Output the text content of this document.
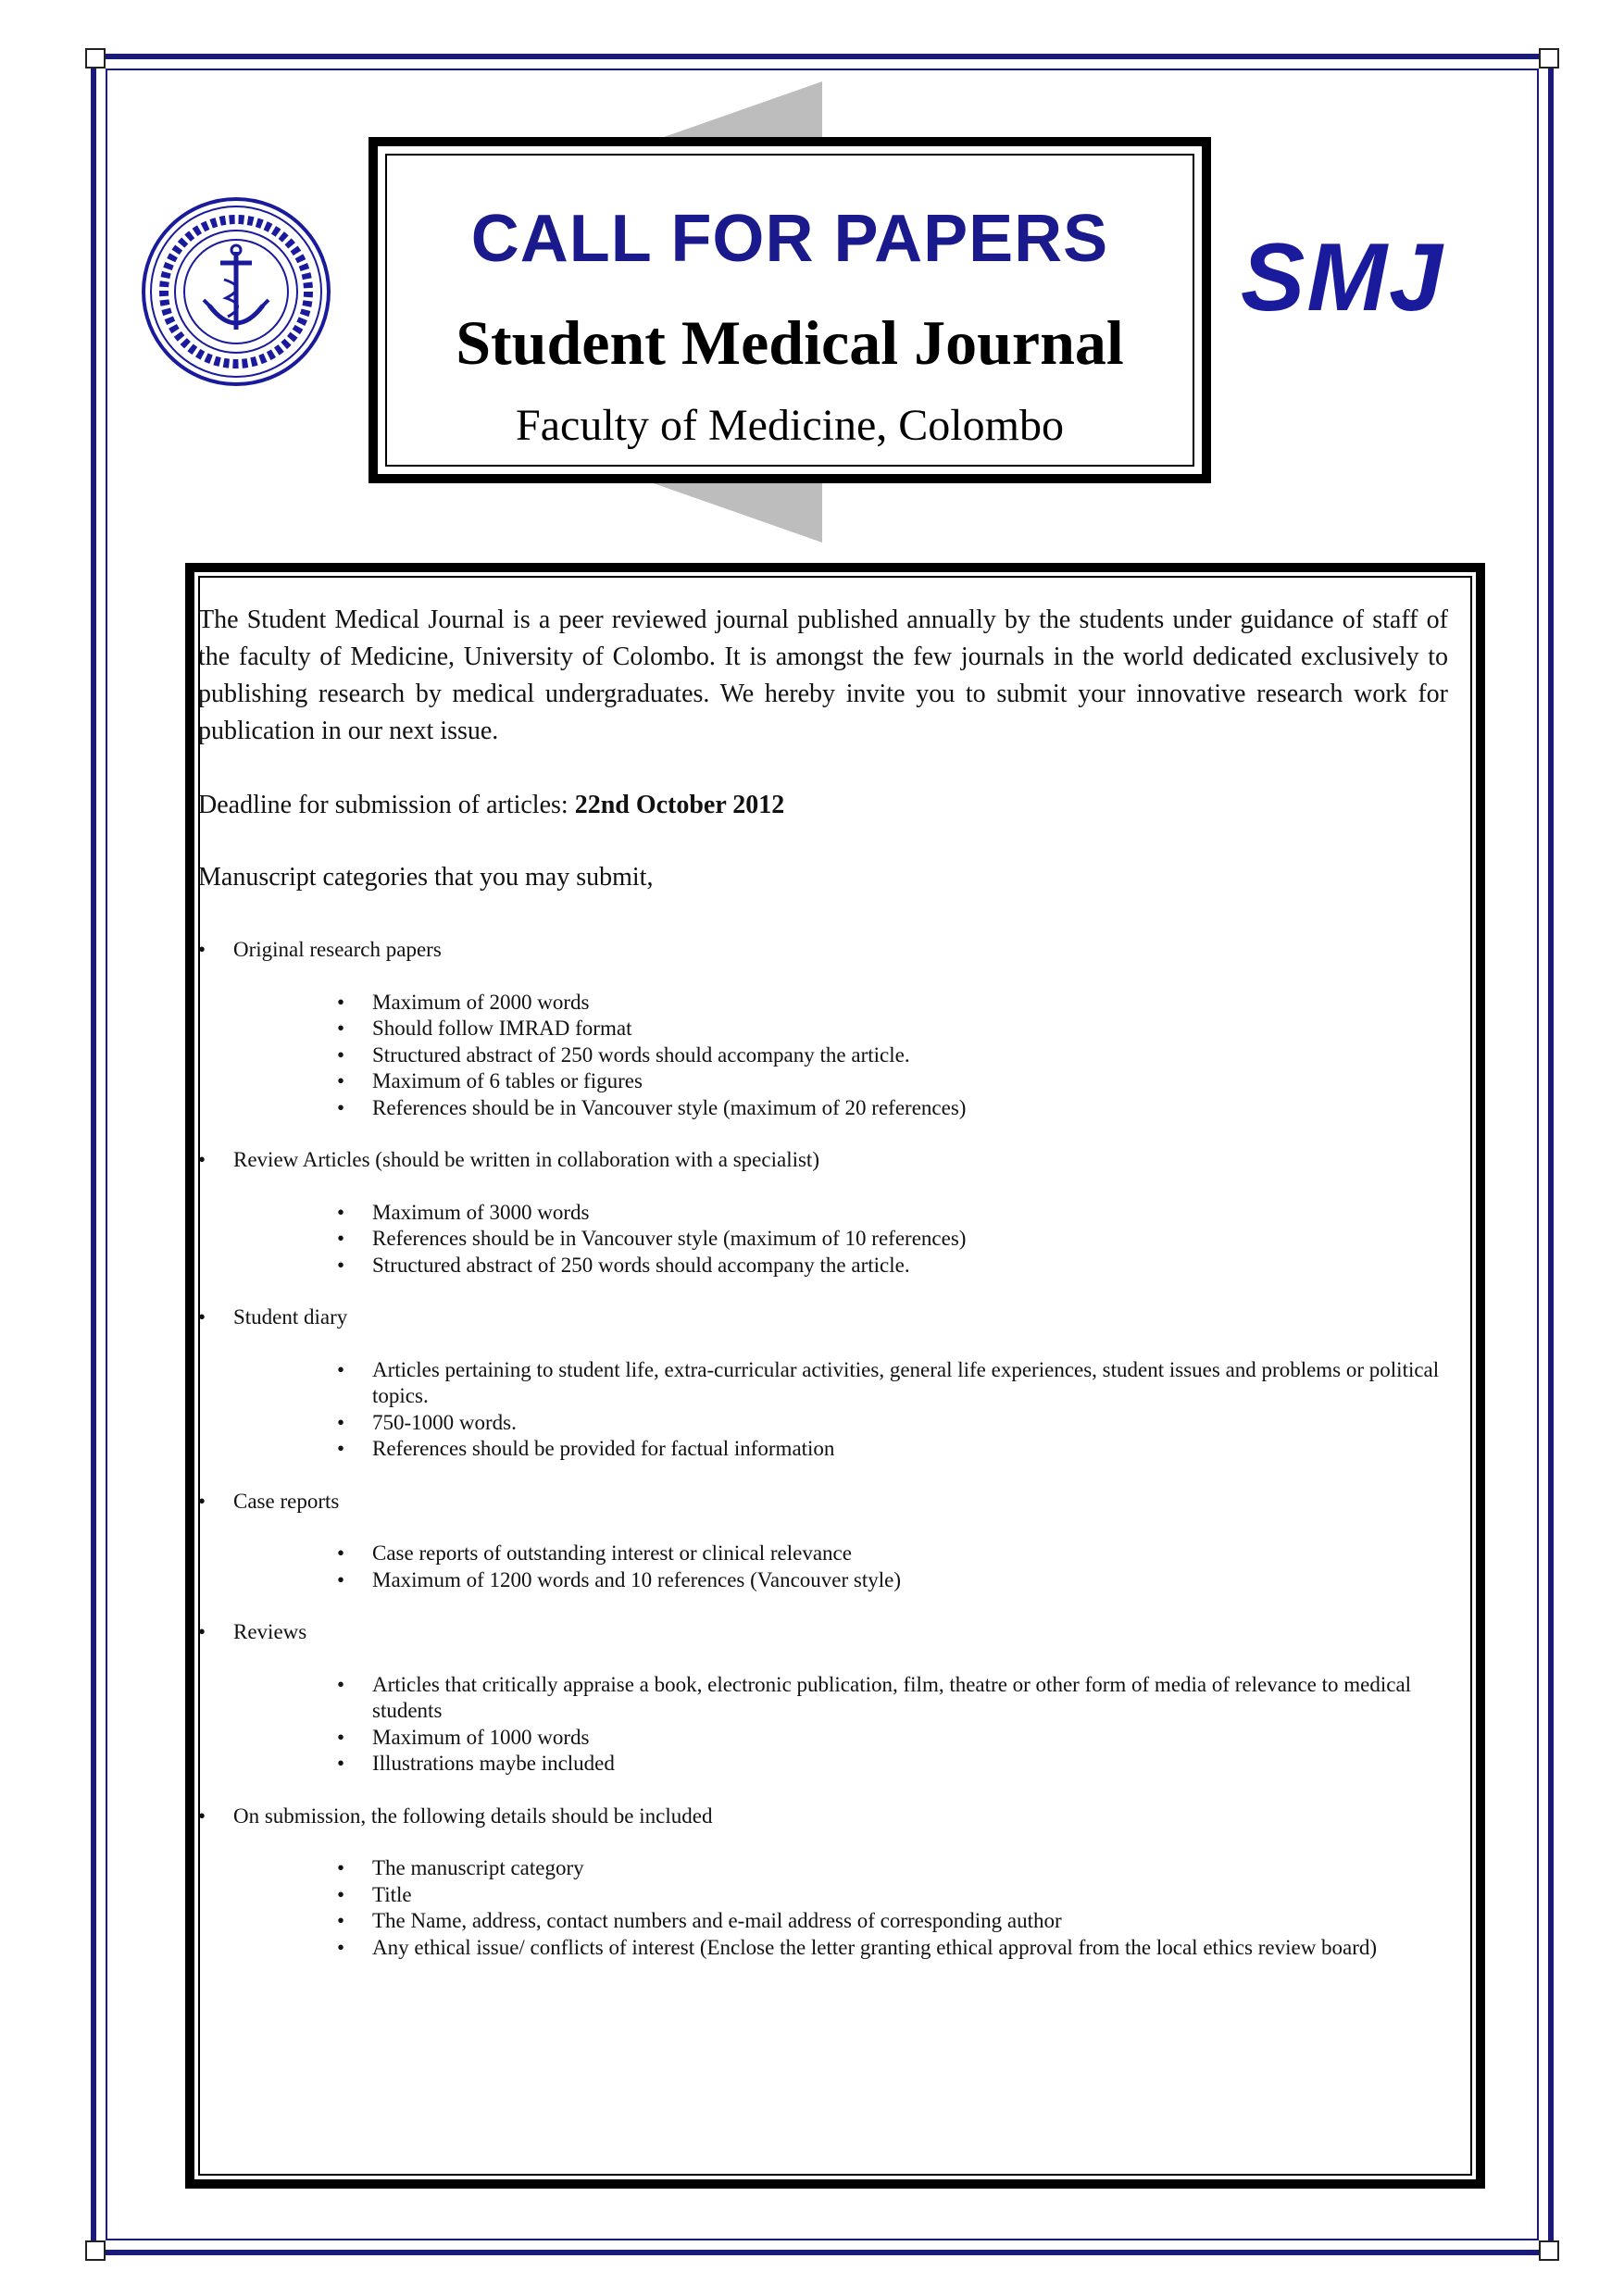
CALL FOR PAPERS
Student Medical Journal
Faculty of Medicine, Colombo
SMJ

The Student Medical Journal is a peer reviewed journal published annually by the students under guidance of staff of the faculty of Medicine, University of Colombo. It is amongst the few journals in the world dedicated exclusively to publishing research by medical undergraduates. We hereby invite you to submit your innovative research work for publication in our next issue.

Deadline for submission of articles: 22nd October 2012
Manuscript categories that you may submit,
• Original research papers
• Maximum of 2000 words
• Should follow IMRAD format
• Structured abstract of 250 words should accompany the article.
• Maximum of 6 tables or figures
• References should be in Vancouver style (maximum of 20 references)
• Review Articles (should be written in collaboration with a specialist)
• Maximum of 3000 words
• References should be in Vancouver style (maximum of 10 references)
• Structured abstract of 250 words should accompany the article.
• Student diary
• Articles pertaining to student life, extra-curricular activities, general life experiences, student issues and problems or political topics.
• 750-1000 words.
• References should be provided for factual information
• Case reports
• Case reports of outstanding interest or clinical relevance
• Maximum of 1200 words and 10 references (Vancouver style)
• Reviews
• Articles that critically appraise a book, electronic publication, film, theatre or other form of media of relevance to medical students
• Maximum of 1000 words
• Illustrations maybe included
• On submission, the following details should be included
• The manuscript category
• Title
• The Name, address, contact numbers and e-mail address of corresponding author
• Any ethical issue/ conflicts of interest (Enclose the letter granting ethical approval from the local ethics review board)
